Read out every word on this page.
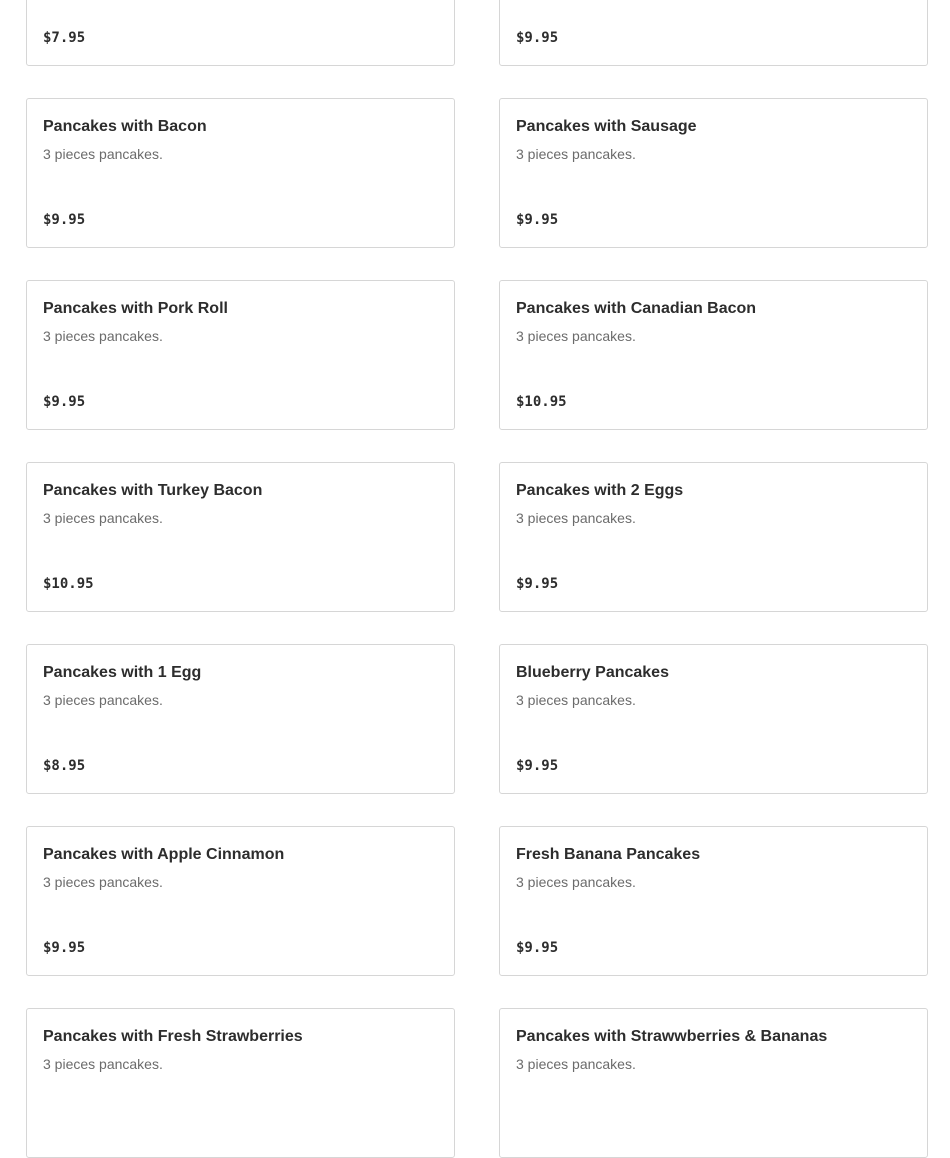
$7.95	$9.95
Pancakes with Bacon
3 pieces pancakes.
$9.95
Pancakes with Sausage
3 pieces pancakes.
$9.95
Pancakes with Pork Roll
3 pieces pancakes.
$9.95
Pancakes with Canadian Bacon
3 pieces pancakes.
$10.95
Pancakes with Turkey Bacon
3 pieces pancakes.
$10.95
Pancakes with 2 Eggs
3 pieces pancakes.
$9.95
Pancakes with 1 Egg
3 pieces pancakes.
$8.95
Blueberry Pancakes
3 pieces pancakes.
$9.95
Pancakes with Apple Cinnamon
3 pieces pancakes.
$9.95
Fresh Banana Pancakes
3 pieces pancakes.
$9.95
Pancakes with Fresh Strawberries
3 pieces pancakes.
Pancakes with Strawwberries & Bananas
3 pieces pancakes.
